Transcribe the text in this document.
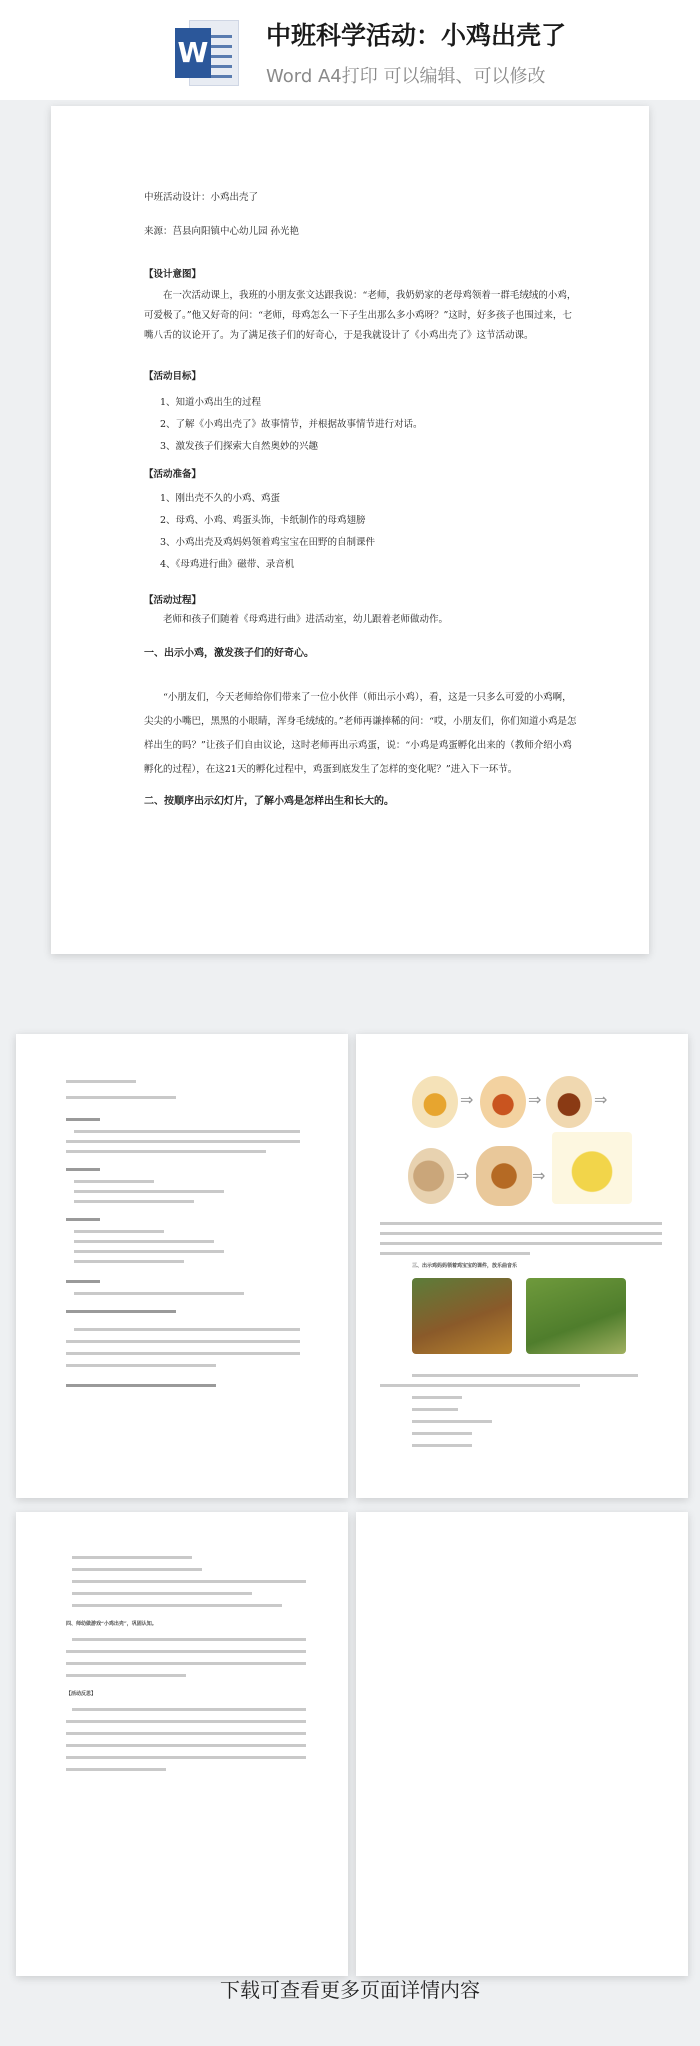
W
中班科学活动：小鸡出壳了
Word A4打印 可以编辑、可以修改
中班活动设计：小鸡出壳了
来源：莒县向阳镇中心幼儿园 孙光艳
【设计意图】
在一次活动课上，我班的小朋友张文达跟我说：“老师，我奶奶家的老母鸡领着一群毛绒绒的小鸡，可爱极了。”他又好奇的问：“老师，母鸡怎么一下子生出那么多小鸡呀？”这时，好多孩子也围过来，七嘴八舌的议论开了。为了满足孩子们的好奇心，于是我就设计了《小鸡出壳了》这节活动课。
【活动目标】
1、知道小鸡出生的过程
2、了解《小鸡出壳了》故事情节，并根据故事情节进行对话。
3、激发孩子们探索大自然奥妙的兴趣
【活动准备】
1、刚出壳不久的小鸡、鸡蛋
2、母鸡、小鸡、鸡蛋头饰，卡纸制作的母鸡翅膀
3、小鸡出壳及鸡妈妈领着鸡宝宝在田野的自制课件
4、《母鸡进行曲》磁带、录音机
【活动过程】
老师和孩子们随着《母鸡进行曲》进活动室，幼儿跟着老师做动作。
一、出示小鸡，激发孩子们的好奇心。
“小朋友们，今天老师给你们带来了一位小伙伴（师出示小鸡），看，这是一只多么可爱的小鸡啊，尖尖的小嘴巴，黑黑的小眼睛，浑身毛绒绒的。”老师再谦捧稀的问：“哎，小朋友们，你们知道小鸡是怎样出生的吗？”让孩子们自由议论，这时老师再出示鸡蛋，说：“小鸡是鸡蛋孵化出来的（教师介绍小鸡孵化的过程），在这21天的孵化过程中，鸡蛋到底发生了怎样的变化呢？”进入下一环节。
二、按顺序出示幻灯片，了解小鸡是怎样出生和长大的。
⇒	⇒	⇒
⇒	⇒
三、出示鸡妈妈领着鸡宝宝的课件，放乐曲音乐
四、师幼做游戏“小鸡出壳”，巩固认知。
【活动反思】
下载可查看更多页面详情内容
